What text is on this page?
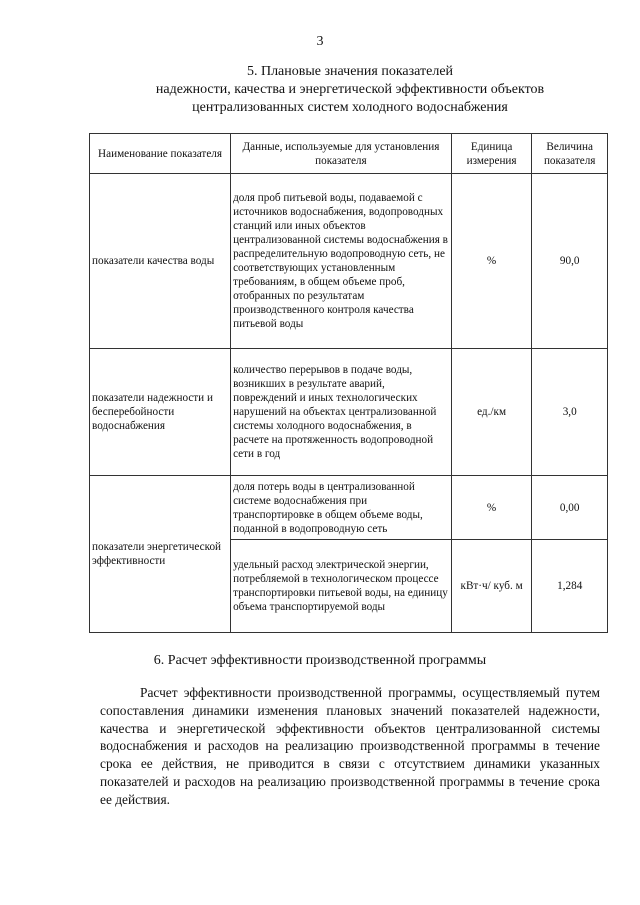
3
5. Плановые значения показателей
надежности, качества и энергетической эффективности объектов
централизованных систем холодного водоснабжения
Наименование показателя	Данные, используемые для установления показателя	Единица измерения	Величина показателя
показатели качества воды	доля проб питьевой воды, подаваемой с источников водоснабжения, водопроводных станций или иных объектов централизованной системы водоснабжения в распределительную водопроводную сеть, не соответствующих установленным требованиям, в общем объеме проб, отобранных по результатам производственного контроля качества питьевой воды	%	90,0
показатели надежности и бесперебойности водоснабжения	количество перерывов в подаче воды, возникших в результате аварий, повреждений и иных технологических нарушений на объектах централизованной системы холодного водоснабжения, в расчете на протяженность водопроводной сети в год	ед./км	3,0
показатели энергетической эффективности	доля потерь воды в централизованной системе водоснабжения при транспортировке в общем объеме воды, поданной в водопроводную сеть	%	0,00
	удельный расход электрической энергии, потребляемой в технологическом процессе транспортировки питьевой воды, на единицу объема транспортируемой воды	кВт·ч/ куб. м	1,284
6. Расчет эффективности производственной программы
Расчет эффективности производственной программы, осуществляемый путем сопоставления динамики изменения плановых значений показателей надежности, качества и энергетической эффективности объектов централизованной системы водоснабжения и расходов на реализацию производственной программы в течение срока ее действия, не приводится в связи с отсутствием динамики указанных показателей и расходов на реализацию производственной программы в течение срока ее действия.
